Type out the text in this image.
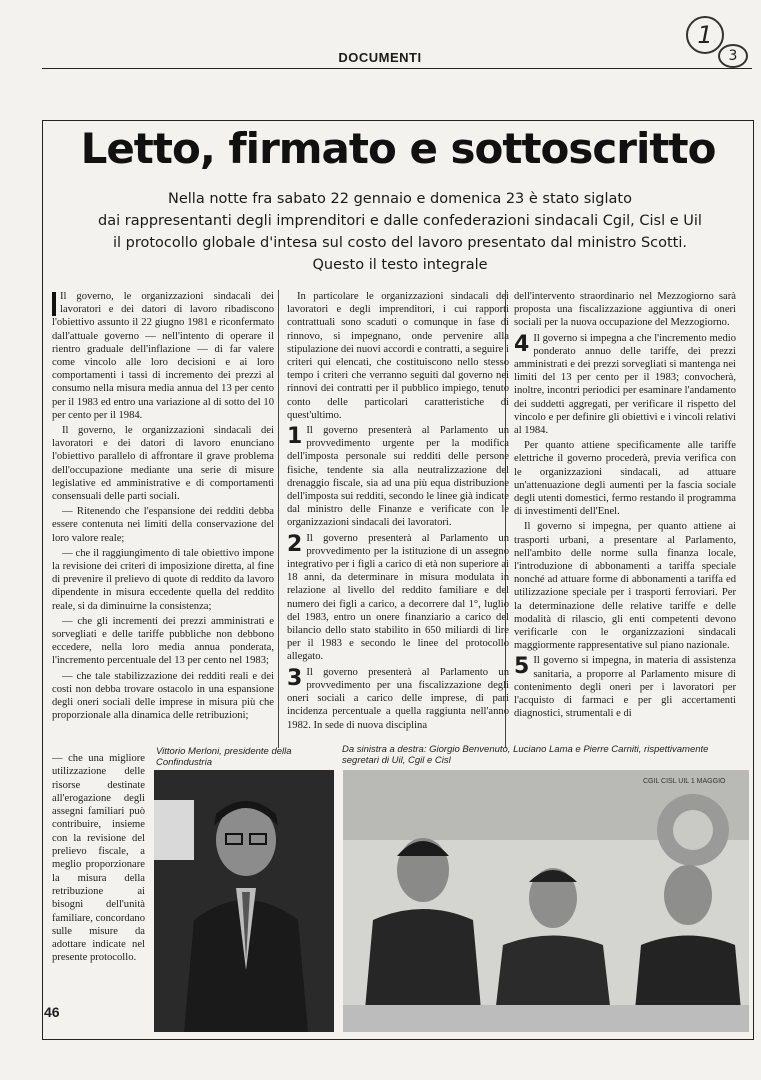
DOCUMENTI
1
3
Letto, firmato e sottoscritto
Nella notte fra sabato 22 gennaio e domenica 23 è stato siglato
dai rappresentanti degli imprenditori e dalle confederazioni sindacali Cgil, Cisl e Uil
il protocollo globale d'intesa sul costo del lavoro presentato dal ministro Scotti.
Questo il testo integrale

Il governo, le organizzazioni sindacali dei lavoratori e dei datori di lavoro ribadiscono l'obiettivo assunto il 22 giugno 1981 e riconfermato dall'attuale governo — nell'intento di operare il rientro graduale dell'inflazione — di far valere come vincolo alle loro decisioni e ai loro comportamenti i tassi di incremento dei prezzi al consumo nella misura media annua del 13 per cento per il 1983 ed entro una variazione al di sotto del 10 per cento per il 1984.

Il governo, le organizzazioni sindacali dei lavoratori e dei datori di lavoro enunciano l'obiettivo parallelo di affrontare il grave problema dell'occupazione mediante una serie di misure legislative ed amministrative e di comportamenti consensuali delle parti sociali.

— Ritenendo che l'espansione dei redditi debba essere contenuta nei limiti della conservazione del loro valore reale;

— che il raggiungimento di tale obiettivo impone la revisione dei criteri di imposizione diretta, al fine di prevenire il prelievo di quote di reddito da lavoro dipendente in misura eccedente quella del reddito reale, si da diminuirne la consistenza;

— che gli incrementi dei prezzi amministrati e sorvegliati e delle tariffe pubbliche non debbono eccedere, nella loro media annua ponderata, l'incremento percentuale del 13 per cento nel 1983;

— che tale stabilizzazione dei redditi reali e dei costi non debba trovare ostacolo in una espansione degli oneri sociali delle imprese in misura più che proporzionale alla dinamica delle retribuzioni;

— che una migliore utilizzazione delle risorse destinate all'erogazione degli assegni familiari può contribuire, insieme con la revisione del prelievo fiscale, a meglio proporzionare la misura della retribuzione ai bisogni dell'unità familiare, concordano sulle misure da adottare indicate nel presente protocollo.

In particolare le organizzazioni sindacali dei lavoratori e degli imprenditori, i cui rapporti contrattuali sono scaduti o comunque in fase di rinnovo, si impegnano, onde pervenire alla stipulazione dei nuovi accordi e contratti, a seguire i criteri qui elencati, che costituiscono nello stesso tempo i criteri che verranno seguiti dal governo nei rinnovi dei contratti per il pubblico impiego, tenuto conto delle particolari caratteristiche di quest'ultimo.

1 Il governo presenterà al Parlamento un provvedimento urgente per la modifica dell'imposta personale sui redditi delle persone fisiche, tendente sia alla neutralizzazione del drenaggio fiscale, sia ad una più equa distribuzione dell'imposta sui redditi, secondo le linee già indicate dal ministro delle Finanze e verificate con le organizzazioni sindacali dei lavoratori.

2 Il governo presenterà al Parlamento un provvedimento per la istituzione di un assegno integrativo per i figli a carico di età non superiore ai 18 anni, da determinare in misura modulata in relazione al livello del reddito familiare e del numero dei figli a carico, a decorrere dal 1°, luglio del 1983, entro un onere finanziario a carico del bilancio dello stato stabilito in 650 miliardi di lire per il 1983 e secondo le linee del protocollo allegato.

3 Il governo presenterà al Parlamento un provvedimento per una fiscalizzazione degli oneri sociali a carico delle imprese, di pari incidenza percentuale a quella raggiunta nell'anno 1982. In sede di nuova disciplina

dell'intervento straordinario nel Mezzogiorno sarà proposta una fiscalizzazione aggiuntiva di oneri sociali per la nuova occupazione del Mezzogiorno.

4 Il governo si impegna a che l'incremento medio ponderato annuo delle tariffe, dei prezzi amministrati e dei prezzi sorvegliati si mantenga nei limiti del 13 per cento per il 1983; convocherà, inoltre, incontri periodici per esaminare l'andamento dei suddetti aggregati, per verificare il rispetto del vincolo e per definire gli obiettivi e i vincoli relativi al 1984.

Per quanto attiene specificamente alle tariffe elettriche il governo procederà, previa verifica con le organizzazioni sindacali, ad attuare un'attenuazione degli aumenti per la fascia sociale degli utenti domestici, fermo restando il programma di investimenti dell'Enel.

Il governo si impegna, per quanto attiene ai trasporti urbani, a presentare al Parlamento, nell'ambito delle norme sulla finanza locale, l'introduzione di abbonamenti a tariffa speciale nonché ad attuare forme di abbonamenti a tariffa ed utilizzazione speciale per i trasporti ferroviari. Per la determinazione delle relative tariffe e delle modalità di rilascio, gli enti competenti devono verificarle con le organizzazioni sindacali maggiormente rappresentative sul piano nazionale.

5 Il governo si impegna, in materia di assistenza sanitaria, a proporre al Parlamento misure di contenimento degli oneri per i lavoratori per l'acquisto di farmaci e per gli accertamenti diagnostici, strumentali e di

Vittorio Merloni, presidente della Confindustria
Da sinistra a destra: Giorgio Benvenuto, Luciano Lama e Pierre Carniti, rispettivamente segretari di Uil, Cgil e Cisl
CGIL CISL UIL 1 MAGGIO
46
